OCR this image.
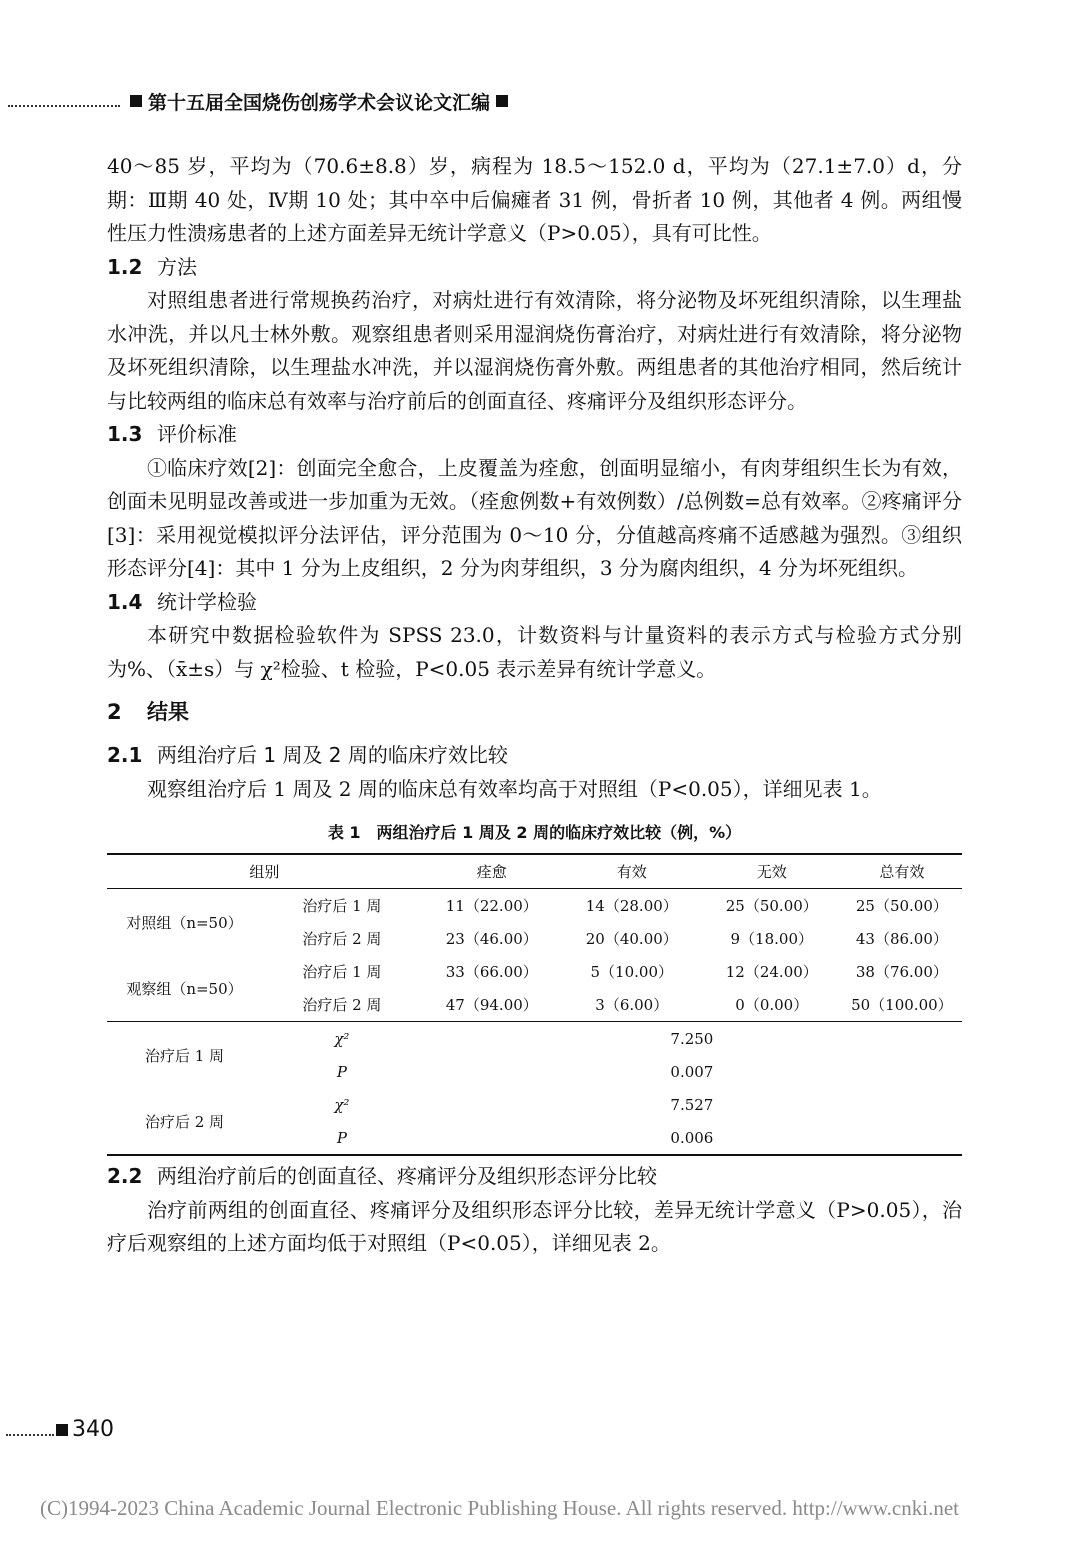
第十五届全国烧伤创疡学术会议论文汇编

40～85 岁，平均为（70.6±8.8）岁，病程为 18.5～152.0 d，平均为（27.1±7.0）d，分期：Ⅲ期 40 处，Ⅳ期 10 处；其中卒中后偏瘫者 31 例，骨折者 10 例，其他者 4 例。两组慢性压力性溃疡患者的上述方面差异无统计学意义（P>0.05），具有可比性。

1.2 方法

对照组患者进行常规换药治疗，对病灶进行有效清除，将分泌物及坏死组织清除，以生理盐水冲洗，并以凡士林外敷。观察组患者则采用湿润烧伤膏治疗，对病灶进行有效清除，将分泌物及坏死组织清除，以生理盐水冲洗，并以湿润烧伤膏外敷。两组患者的其他治疗相同，然后统计与比较两组的临床总有效率与治疗前后的创面直径、疼痛评分及组织形态评分。

1.3 评价标准

①临床疗效[2]：创面完全愈合，上皮覆盖为痊愈，创面明显缩小，有肉芽组织生长为有效，创面未见明显改善或进一步加重为无效。（痊愈例数+有效例数）/总例数=总有效率。②疼痛评分[3]：采用视觉模拟评分法评估，评分范围为 0～10 分，分值越高疼痛不适感越为强烈。③组织形态评分[4]：其中 1 分为上皮组织，2 分为肉芽组织，3 分为腐肉组织，4 分为坏死组织。

1.4 统计学检验

本研究中数据检验软件为 SPSS 23.0，计数资料与计量资料的表示方式与检验方式分别为%、（x̄±s）与 χ²检验、t 检验，P<0.05 表示差异有统计学意义。

2 结果
2.1 两组治疗后 1 周及 2 周的临床疗效比较

观察组治疗后 1 周及 2 周的临床总有效率均高于对照组（P<0.05），详细见表 1。

表 1　两组治疗后 1 周及 2 周的临床疗效比较（例，%）
组别		痊愈	有效	无效	总有效
对照组（n=50）	治疗后 1 周	11（22.00）	14（28.00）	25（50.00）	25（50.00）
	治疗后 2 周	23（46.00）	20（40.00）	9（18.00）	43（86.00）
观察组（n=50）	治疗后 1 周	33（66.00）	5（10.00）	12（24.00）	38（76.00）
	治疗后 2 周	47（94.00）	3（6.00）	0（0.00）	50（100.00）
治疗后 1 周	χ²	7.250			
	P	0.007			
治疗后 2 周	χ²	7.527			
	P	0.006			
2.2 两组治疗前后的创面直径、疼痛评分及组织形态评分比较

治疗前两组的创面直径、疼痛评分及组织形态评分比较，差异无统计学意义（P>0.05），治疗后观察组的上述方面均低于对照组（P<0.05），详细见表 2。

340
(C)1994-2023 China Academic Journal Electronic Publishing House. All rights reserved. http://www.cnki.net
